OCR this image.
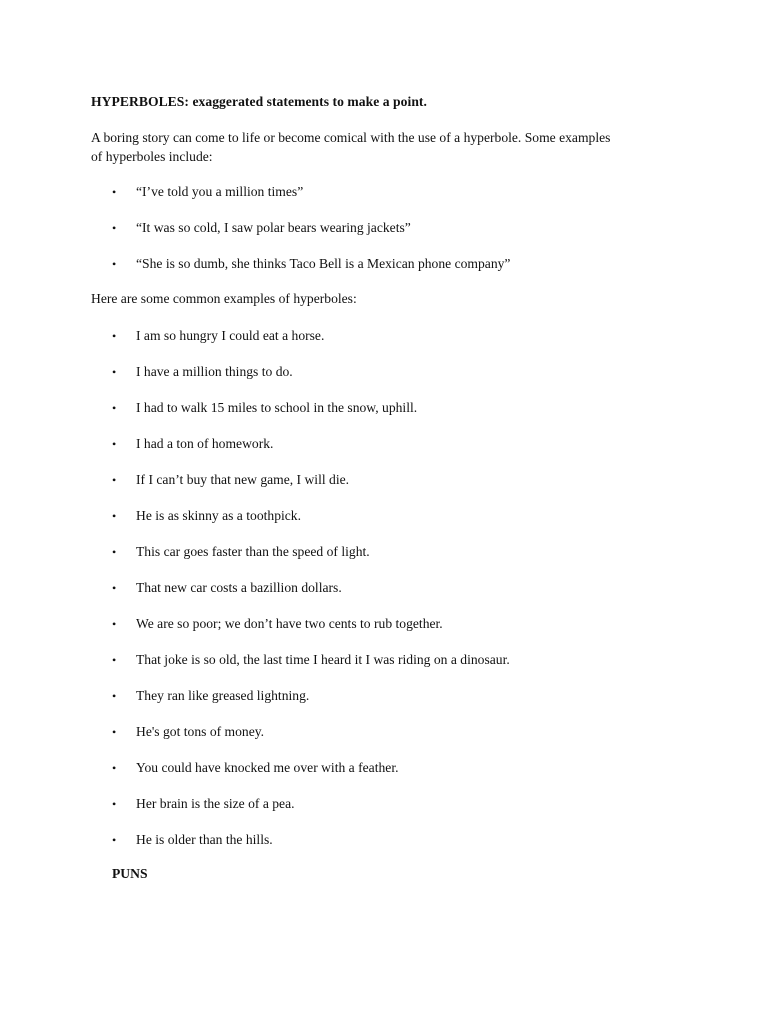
HYPERBOLES: exaggerated statements to make a point.
A boring story can come to life or become comical with the use of a hyperbole. Some examples
of hyperboles include:
• “I’ve told you a million times”
• “It was so cold, I saw polar bears wearing jackets”
• “She is so dumb, she thinks Taco Bell is a Mexican phone company”
Here are some common examples of hyperboles:
• I am so hungry I could eat a horse.
• I have a million things to do.
• I had to walk 15 miles to school in the snow, uphill.
• I had a ton of homework.
• If I can’t buy that new game, I will die.
• He is as skinny as a toothpick.
• This car goes faster than the speed of light.
• That new car costs a bazillion dollars.
• We are so poor; we don’t have two cents to rub together.
• That joke is so old, the last time I heard it I was riding on a dinosaur.
• They ran like greased lightning.
• He's got tons of money.
• You could have knocked me over with a feather.
• Her brain is the size of a pea.
• He is older than the hills.
PUNS
